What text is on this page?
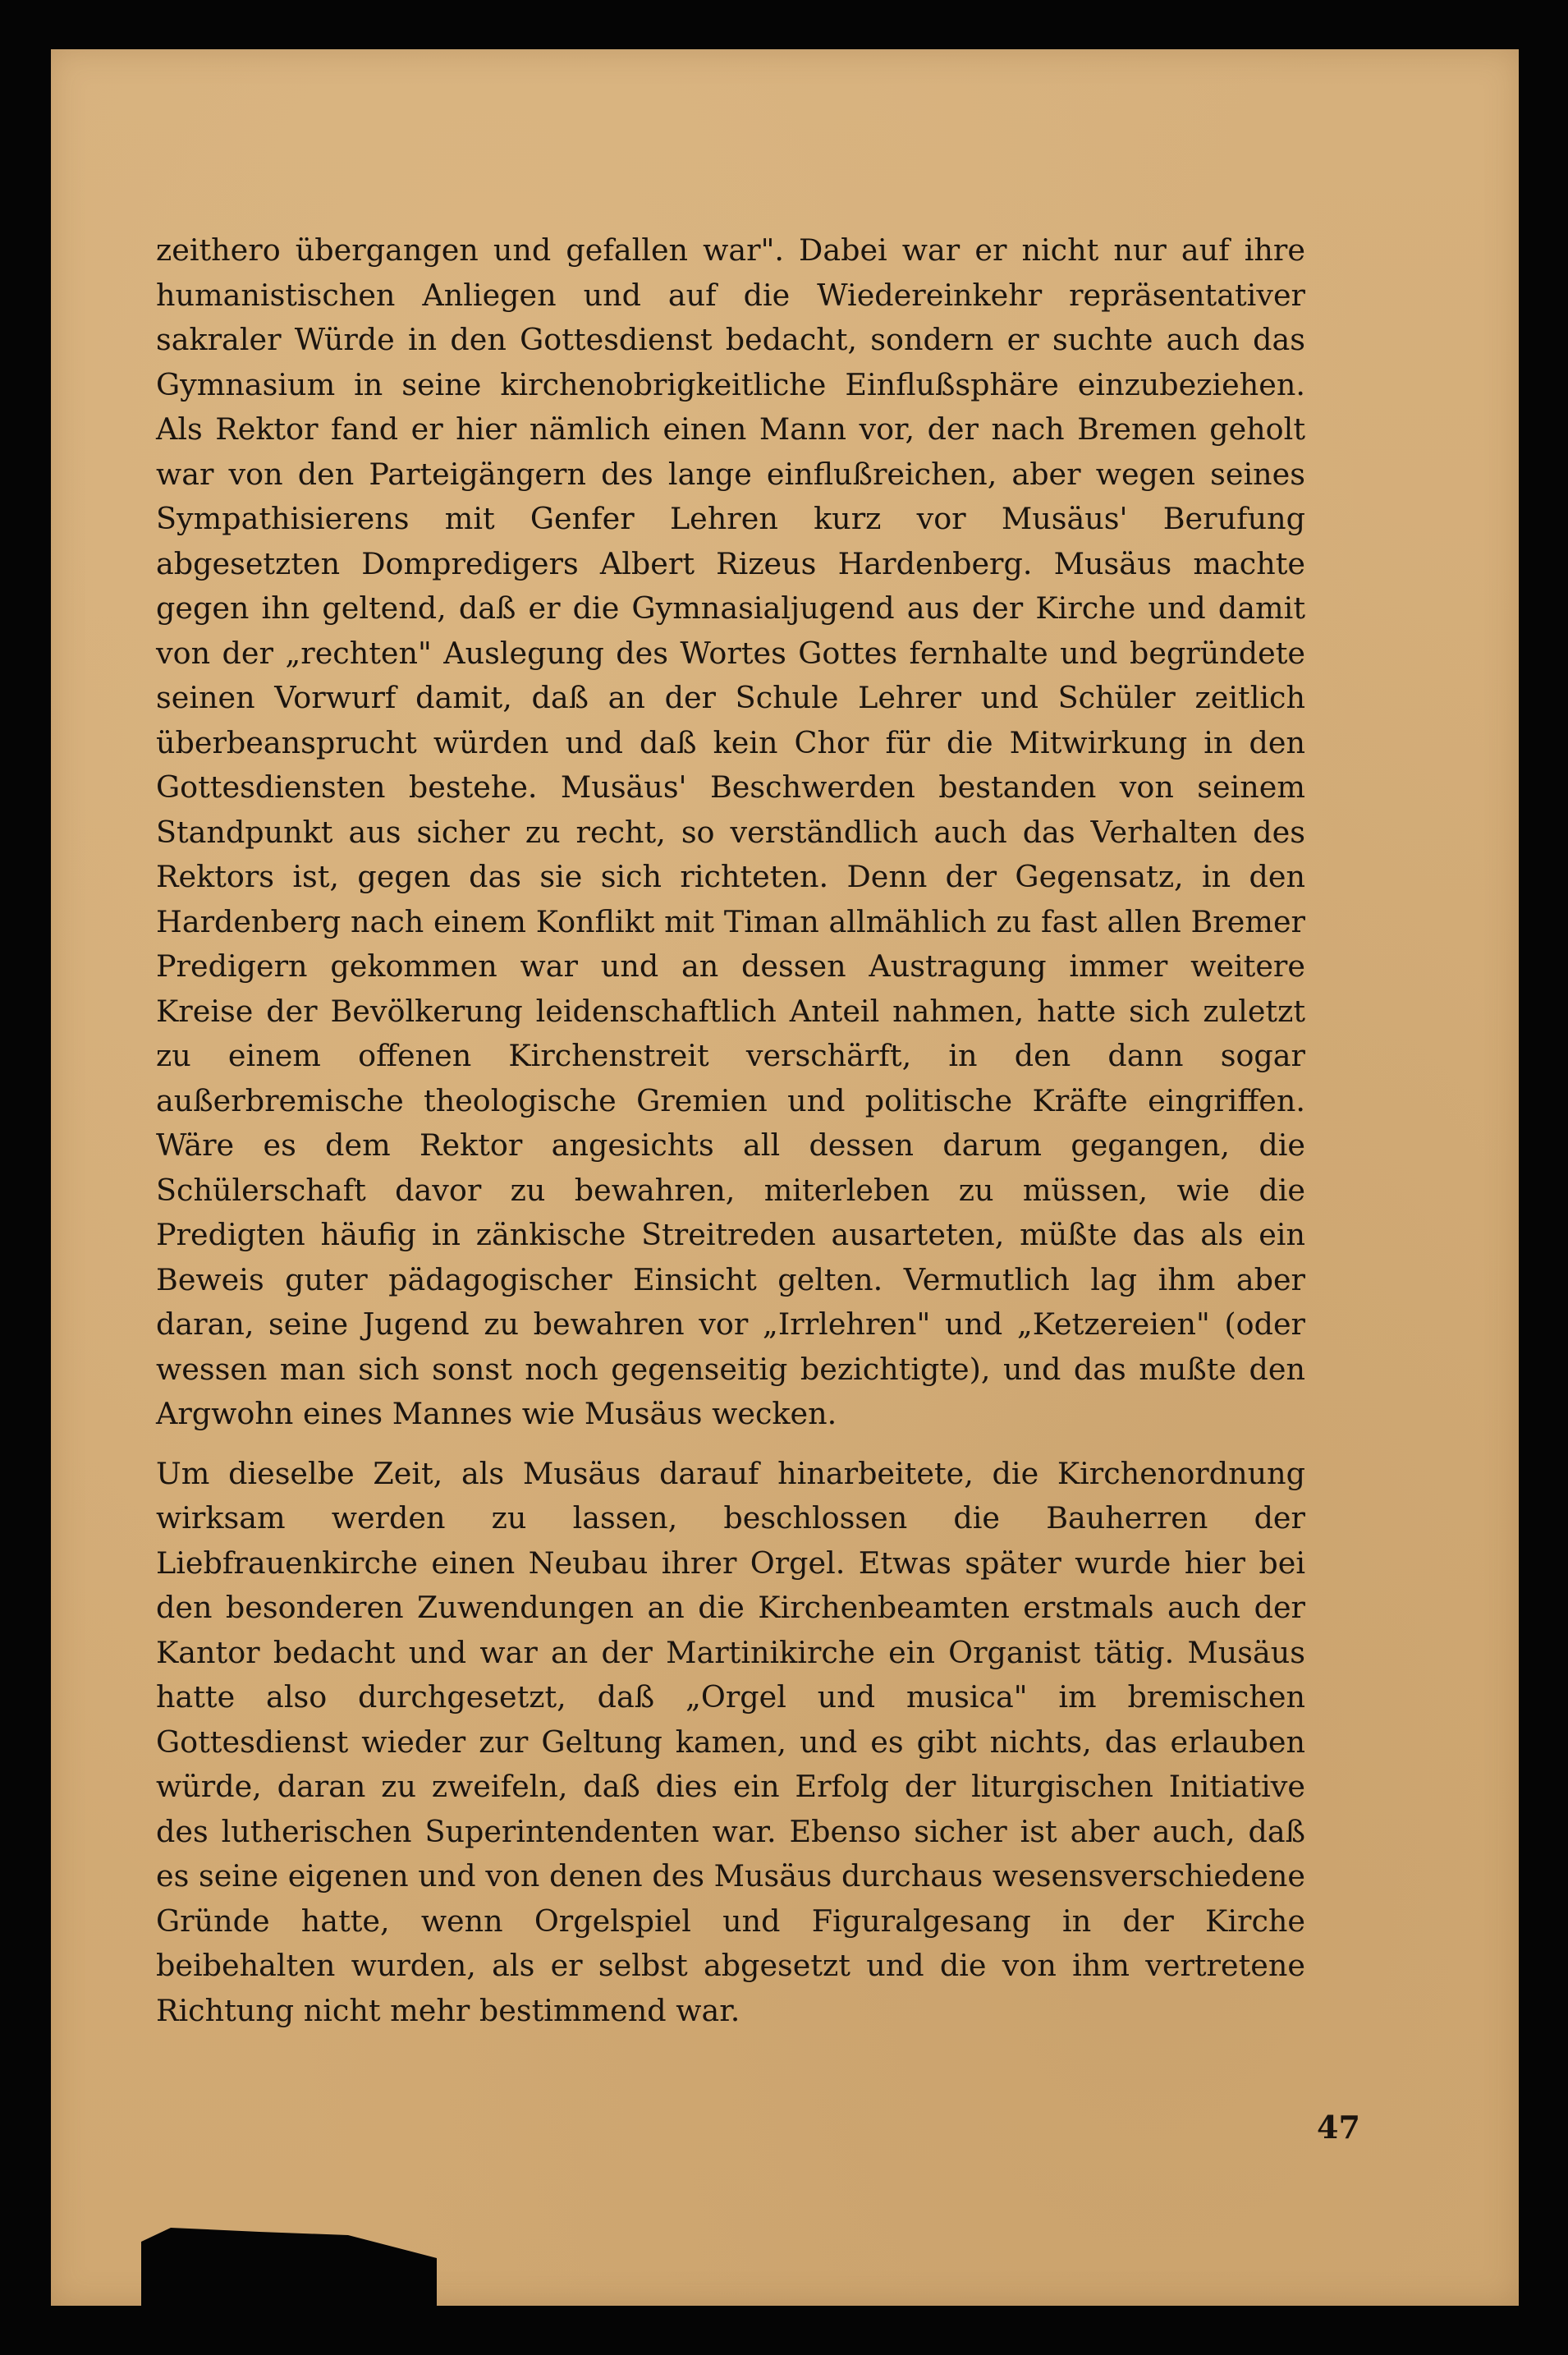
zeithero übergangen und gefallen war". Dabei war er nicht nur auf ihre humanistischen Anliegen und auf die Wiedereinkehr repräsentativer sakraler Würde in den Gottesdienst bedacht, sondern er suchte auch das Gymnasium in seine kirchenobrigkeitliche Einflußsphäre einzubeziehen. Als Rektor fand er hier nämlich einen Mann vor, der nach Bremen geholt war von den Parteigängern des lange einflußreichen, aber wegen seines Sympathisierens mit Genfer Lehren kurz vor Musäus' Berufung abgesetzten Dompredigers Albert Rizeus Hardenberg. Musäus machte gegen ihn geltend, daß er die Gymnasialjugend aus der Kirche und damit von der „rechten" Auslegung des Wortes Gottes fernhalte und begründete seinen Vorwurf damit, daß an der Schule Lehrer und Schüler zeitlich überbeansprucht würden und daß kein Chor für die Mitwirkung in den Gottesdiensten bestehe. Musäus' Beschwerden bestanden von seinem Standpunkt aus sicher zu recht, so verständlich auch das Verhalten des Rektors ist, gegen das sie sich richteten. Denn der Gegensatz, in den Hardenberg nach einem Konflikt mit Timan allmählich zu fast allen Bremer Predigern gekommen war und an dessen Austragung immer weitere Kreise der Bevölkerung leidenschaftlich Anteil nahmen, hatte sich zuletzt zu einem offenen Kirchenstreit verschärft, in den dann sogar außerbremische theologische Gremien und politische Kräfte eingriffen. Wäre es dem Rektor angesichts all dessen darum gegangen, die Schülerschaft davor zu bewahren, miterleben zu müssen, wie die Predigten häufig in zänkische Streitreden ausarteten, müßte das als ein Beweis guter pädagogischer Einsicht gelten. Vermutlich lag ihm aber daran, seine Jugend zu bewahren vor „Irrlehren" und „Ketzereien" (oder wessen man sich sonst noch gegenseitig bezichtigte), und das mußte den Argwohn eines Mannes wie Musäus wecken.

Um dieselbe Zeit, als Musäus darauf hinarbeitete, die Kirchenordnung wirksam werden zu lassen, beschlossen die Bauherren der Liebfrauenkirche einen Neubau ihrer Orgel. Etwas später wurde hier bei den besonderen Zuwendungen an die Kirchenbeamten erstmals auch der Kantor bedacht und war an der Martinikirche ein Organist tätig. Musäus hatte also durchgesetzt, daß „Orgel und musica" im bremischen Gottesdienst wieder zur Geltung kamen, und es gibt nichts, das erlauben würde, daran zu zweifeln, daß dies ein Erfolg der liturgischen Initiative des lutherischen Superintendenten war. Ebenso sicher ist aber auch, daß es seine eigenen und von denen des Musäus durchaus wesensverschiedene Gründe hatte, wenn Orgelspiel und Figuralgesang in der Kirche beibehalten wurden, als er selbst abgesetzt und die von ihm vertretene Richtung nicht mehr bestimmend war.

47
